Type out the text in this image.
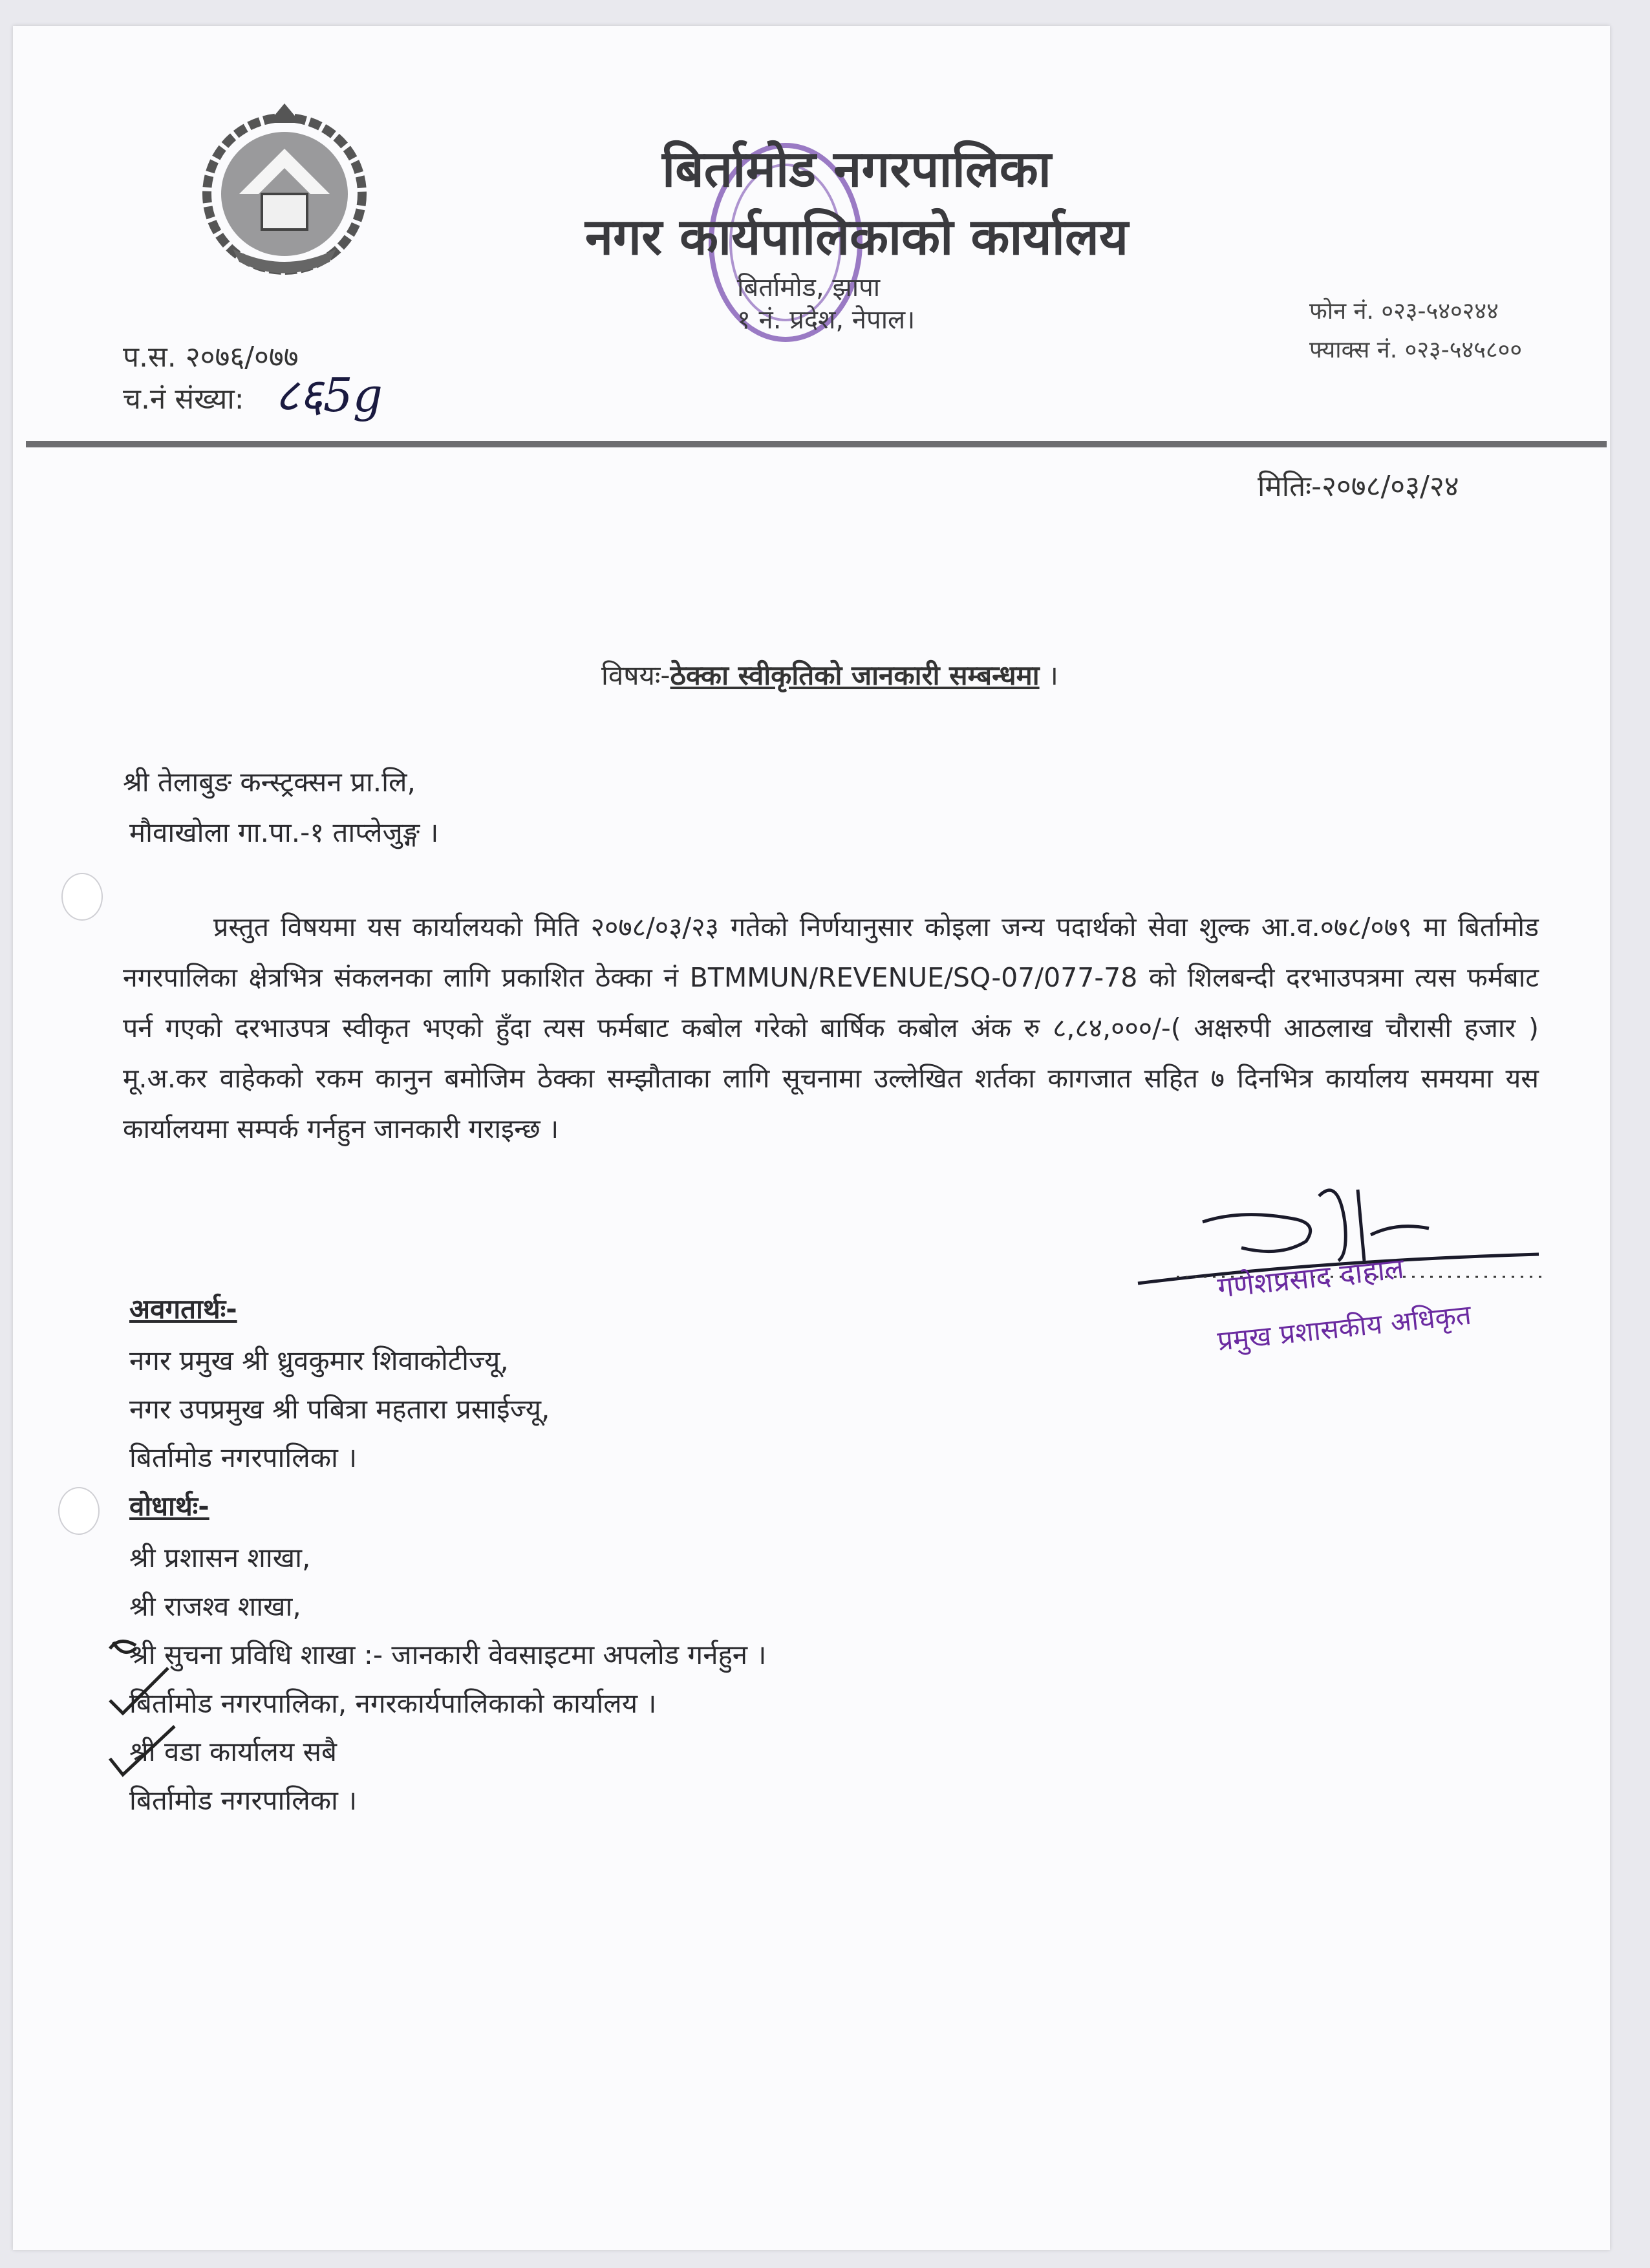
बिर्तामोड नगरपालिका
नगर कार्यपालिकाको कार्यालय
बिर्तामोड, झापा
१ नं. प्रदेश, नेपाल।	फोन नं. ०२३-५४०२४४
फ्याक्स नं. ०२३-५४५८००
प.स. २०७६/०७७
च.नं संख्या: ८६5g
मितिः-२०७८/०३/२४
विषयः-ठेक्का स्वीकृतिको जानकारी सम्बन्धमा ।
श्री तेलाबुङ कन्स्ट्रक्सन प्रा.लि,
मौवाखोला गा.पा.-१ ताप्लेजुङ्ग ।
प्रस्तुत विषयमा यस कार्यालयको मिति २०७८/०३/२३ गतेको निर्णयानुसार कोइला जन्य पदार्थको सेवा शुल्क आ.व.०७८/०७९ मा बिर्तामोड नगरपालिका क्षेत्रभित्र संकलनका लागि प्रकाशित ठेक्का नं BTMMUN/REVENUE/SQ-07/077-78 को शिलबन्दी दरभाउपत्रमा त्यस फर्मबाट पर्न गएको दरभाउपत्र स्वीकृत भएको हुँदा त्यस फर्मबाट कबोल गरेको बार्षिक कबोल अंक रु ८,८४,०००/-( अक्षरुपी आठलाख चौरासी हजार ) मू.अ.कर वाहेकको रकम कानुन बमोजिम ठेक्का सम्झौताका लागि सूचनामा उल्लेखित शर्तका कागजात सहित ७ दिनभित्र कार्यालय समयमा यस कार्यालयमा सम्पर्क गर्नहुन जानकारी गराइन्छ ।
गणेशप्रसाद दाहाल
प्रमुख प्रशासकीय अधिकृत
अवगतार्थः-
नगर प्रमुख श्री ध्रुवकुमार शिवाकोटीज्यू,
नगर उपप्रमुख श्री पबित्रा महतारा प्रसाईज्यू,
बिर्तामोड नगरपालिका ।
वोधार्थः-
श्री प्रशासन शाखा,
श्री राजश्व शाखा,
श्री सुचना प्रविधि शाखा :- जानकारी वेवसाइटमा अपलोड गर्नहुन ।
बिर्तामोड नगरपालिका, नगरकार्यपालिकाको कार्यालय ।
श्री वडा कार्यालय सबै
बिर्तामोड नगरपालिका ।
